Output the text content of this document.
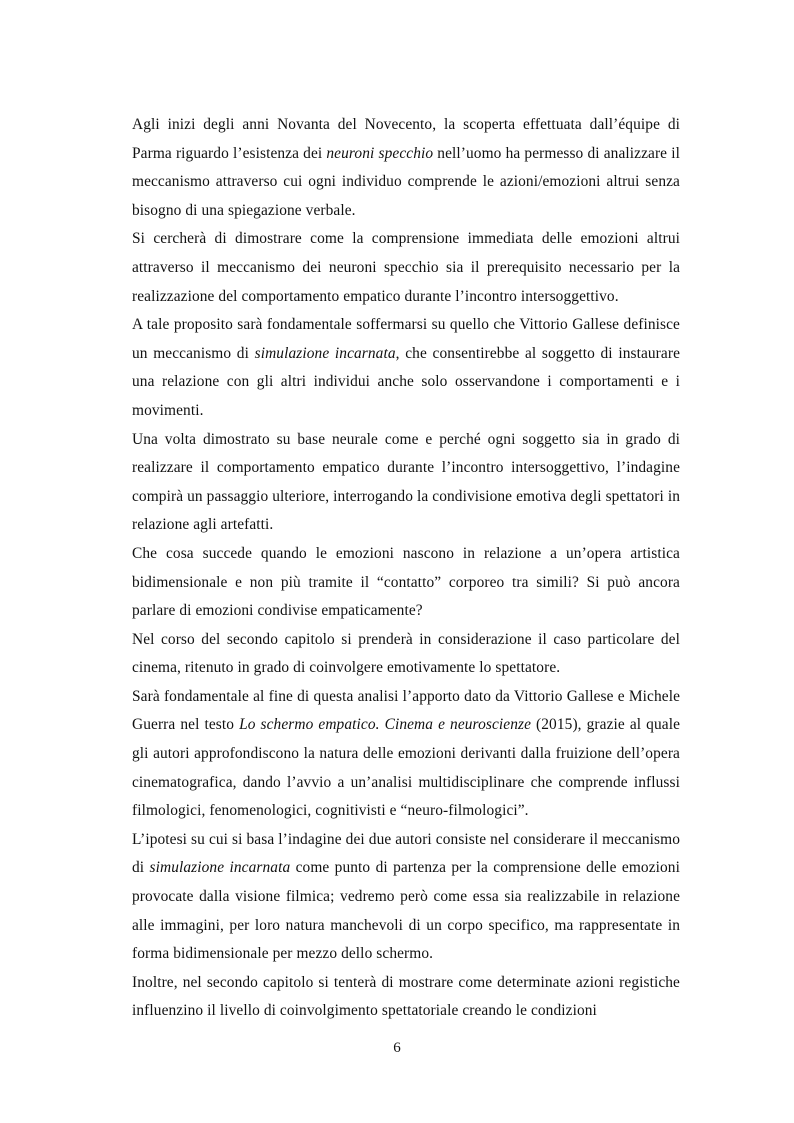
Agli inizi degli anni Novanta del Novecento, la scoperta effettuata dall’équipe di Parma riguardo l’esistenza dei neuroni specchio nell’uomo ha permesso di analizzare il meccanismo attraverso cui ogni individuo comprende le azioni/emozioni altrui senza bisogno di una spiegazione verbale.

Si cercherà di dimostrare come la comprensione immediata delle emozioni altrui attraverso il meccanismo dei neuroni specchio sia il prerequisito necessario per la realizzazione del comportamento empatico durante l’incontro intersoggettivo.

A tale proposito sarà fondamentale soffermarsi su quello che Vittorio Gallese definisce un meccanismo di simulazione incarnata, che consentirebbe al soggetto di instaurare una relazione con gli altri individui anche solo osservandone i comportamenti e i movimenti.

Una volta dimostrato su base neurale come e perché ogni soggetto sia in grado di realizzare il comportamento empatico durante l’incontro intersoggettivo, l’indagine compirà un passaggio ulteriore, interrogando la condivisione emotiva degli spettatori in relazione agli artefatti.

Che cosa succede quando le emozioni nascono in relazione a un’opera artistica bidimensionale e non più tramite il “contatto” corporeo tra simili? Si può ancora parlare di emozioni condivise empaticamente?

Nel corso del secondo capitolo si prenderà in considerazione il caso particolare del cinema, ritenuto in grado di coinvolgere emotivamente lo spettatore.

Sarà fondamentale al fine di questa analisi l’apporto dato da Vittorio Gallese e Michele Guerra nel testo Lo schermo empatico. Cinema e neuroscienze (2015), grazie al quale gli autori approfondiscono la natura delle emozioni derivanti dalla fruizione dell’opera cinematografica, dando l’avvio a un’analisi multidisciplinare che comprende influssi filmologici, fenomenologici, cognitivisti e “neuro-filmologici”.

L’ipotesi su cui si basa l’indagine dei due autori consiste nel considerare il meccanismo di simulazione incarnata come punto di partenza per la comprensione delle emozioni provocate dalla visione filmica; vedremo però come essa sia realizzabile in relazione alle immagini, per loro natura manchevoli di un corpo specifico, ma rappresentate in forma bidimensionale per mezzo dello schermo.

Inoltre, nel secondo capitolo si tenterà di mostrare come determinate azioni registiche influenzino il livello di coinvolgimento spettatoriale creando le condizioni

6
